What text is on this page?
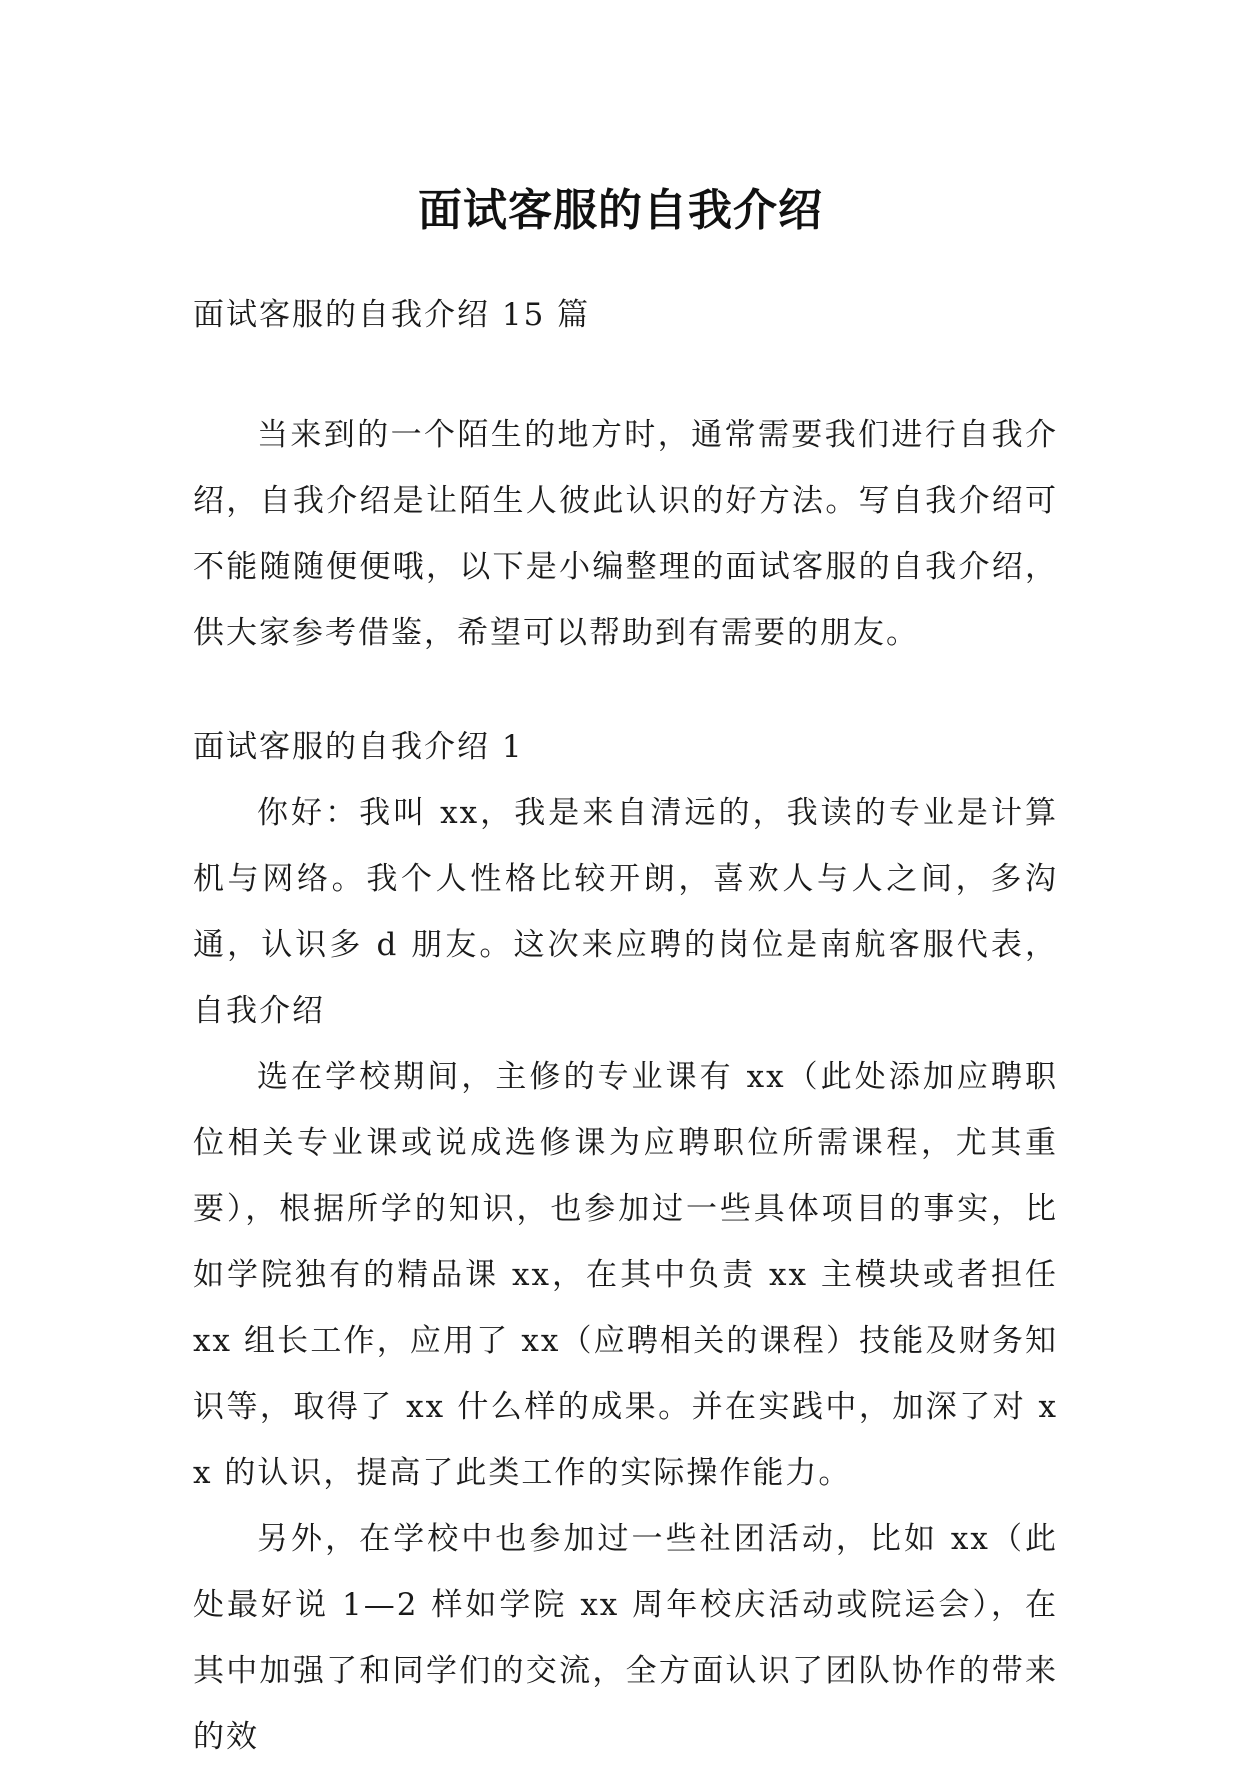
面试客服的自我介绍

面试客服的自我介绍 15 篇

当来到的一个陌生的地方时，通常需要我们进行自我介绍，自我介绍是让陌生人彼此认识的好方法。写自我介绍可不能随随便便哦，以下是小编整理的面试客服的自我介绍，供大家参考借鉴，希望可以帮助到有需要的朋友。

面试客服的自我介绍 1

你好：我叫 xx，我是来自清远的，我读的专业是计算机与网络。我个人性格比较开朗，喜欢人与人之间，多沟通，认识多 d 朋友。这次来应聘的岗位是南航客服代表，自我介绍

选在学校期间，主修的专业课有 xx（此处添加应聘职位相关专业课或说成选修课为应聘职位所需课程，尤其重要），根据所学的知识，也参加过一些具体项目的事实，比如学院独有的精品课 xx，在其中负责 xx 主模块或者担任 xx 组长工作，应用了 xx（应聘相关的课程）技能及财务知识等，取得了 xx 什么样的成果。并在实践中，加深了对 xx 的认识，提高了此类工作的实际操作能力。

另外，在学校中也参加过一些社团活动，比如 xx（此处最好说 1—2 样如学院 xx 周年校庆活动或院运会），在其中加强了和同学们的交流，全方面认识了团队协作的带来的效
